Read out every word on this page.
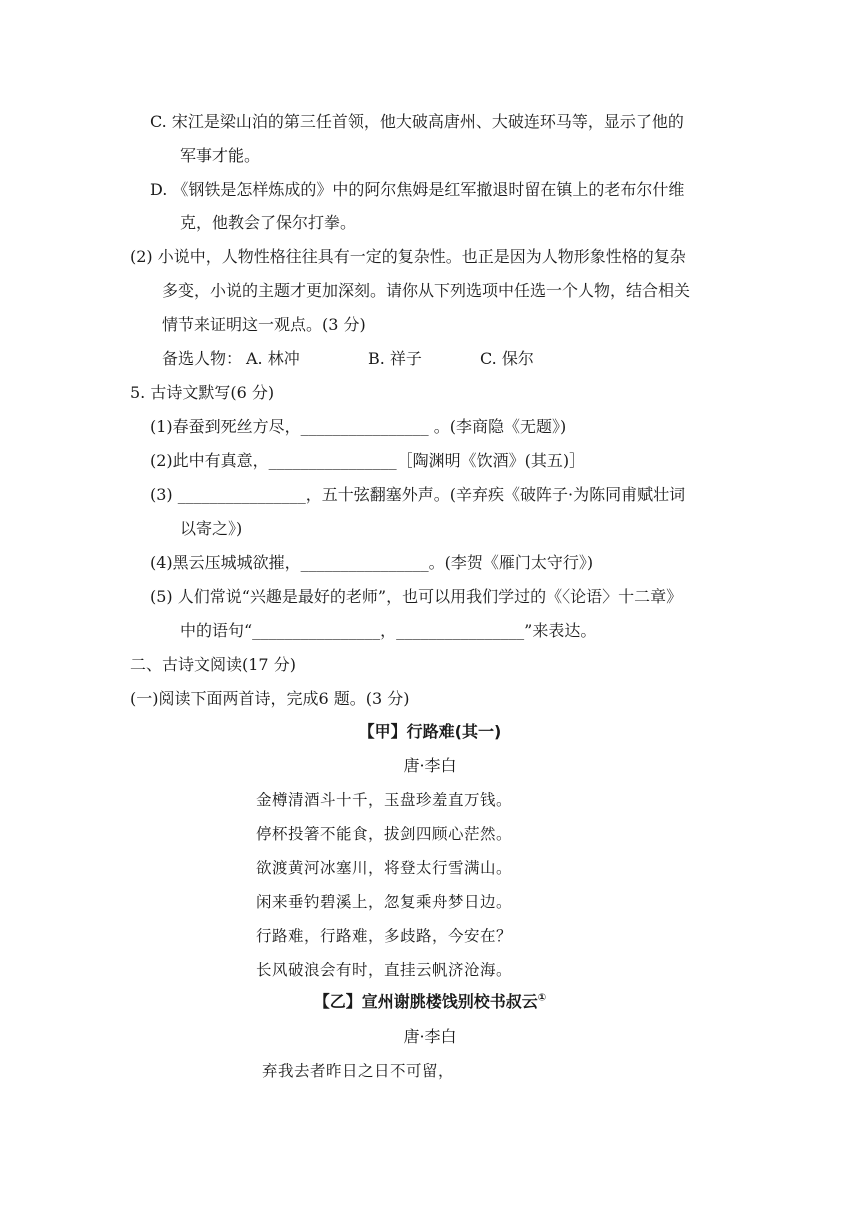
C. 宋江是梁山泊的第三任首领，他大破高唐州、大破连环马等，显示了他的
军事才能。
D. 《钢铁是怎样炼成的》中的阿尔焦姆是红军撤退时留在镇上的老布尔什维
克，他教会了保尔打拳。
(2) 小说中，人物性格往往具有一定的复杂性。也正是因为人物形象性格的复杂
多变，小说的主题才更加深刻。请你从下列选项中任选一个人物，结合相关
情节来证明这一观点。(3 分)
备选人物： A. 林冲	B. 祥子	C. 保尔
5. 古诗文默写(6 分)
(1)春蚕到死丝方尽，________________ 。(李商隐《无题》)
(2)此中有真意，________________［陶渊明《饮酒》(其五)］
(3) ________________，五十弦翻塞外声。(辛弃疾《破阵子·为陈同甫赋壮词
以寄之》)
(4)黑云压城城欲摧，________________。(李贺《雁门太守行》)
(5) 人们常说“兴趣是最好的老师”，也可以用我们学过的《〈论语〉十二章》
中的语句“________________，________________”来表达。
二、古诗文阅读(17 分)
(一)阅读下面两首诗，完成6 题。(3 分)
【甲】行路难(其一)
唐·李白
金樽清酒斗十千，玉盘珍羞直万钱。
停杯投箸不能食，拔剑四顾心茫然。
欲渡黄河冰塞川，将登太行雪满山。
闲来垂钓碧溪上，忽复乘舟梦日边。
行路难，行路难，多歧路，今安在？
长风破浪会有时，直挂云帆济沧海。
【乙】宣州谢朓楼饯别校书叔云①
唐·李白
弃我去者昨日之日不可留，
